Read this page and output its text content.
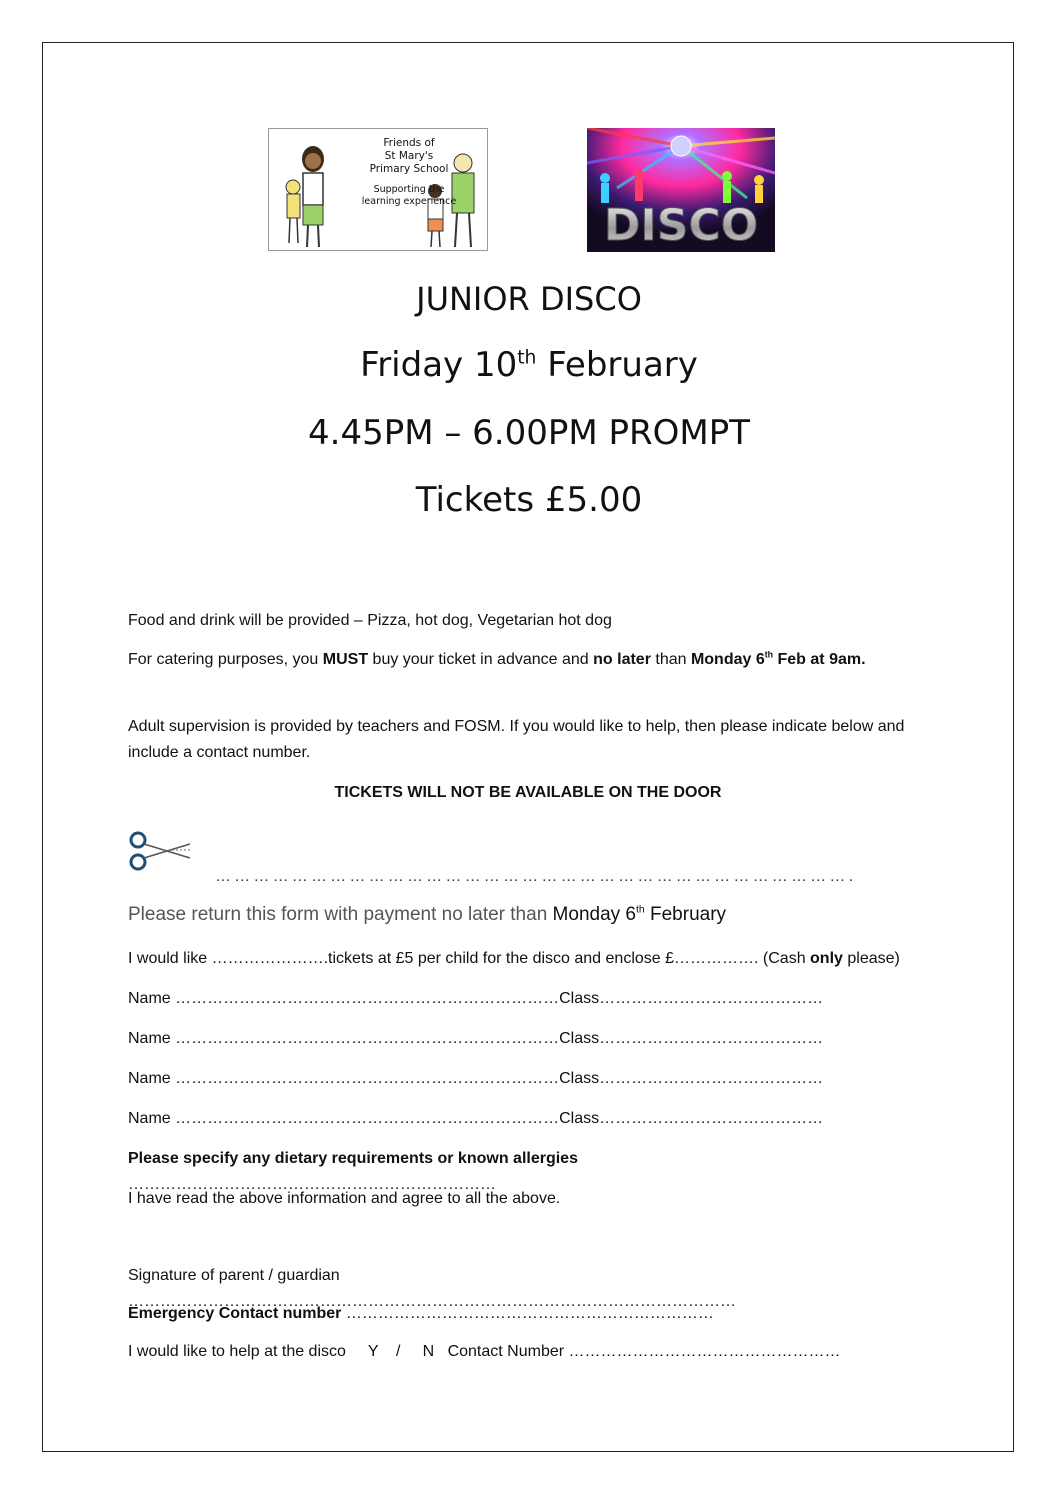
Friends of
St Mary's
Primary School
Supporting the
learning experience	DISCO
JUNIOR DISCO
Friday 10th February
4.45PM – 6.00PM PROMPT
Tickets £5.00
Food and drink will be provided – Pizza, hot dog, Vegetarian hot dog
For catering purposes, you MUST buy your ticket in advance and no later than Monday 6th Feb at 9am.
Adult supervision is provided by teachers and FOSM. If you would like to help, then please indicate below and include a contact number.
TICKETS WILL NOT BE AVAILABLE ON THE DOOR
……………………………………………………………………………………….
Please return this form with payment no later than Monday 6th February
I would like ………………….tickets at £5 per child for the disco and enclose £……………. (Cash only please)
Name ………………………………………………………………Class……………………………………
Name ………………………………………………………………Class……………………………………
Name ………………………………………………………………Class……………………………………
Name ………………………………………………………………Class……………………………………
Please specify any dietary requirements or known allergies ……………………………………………………………
I have read the above information and agree to all the above.
Signature of parent / guardian ……………………………………………………………………………………………………
Emergency Contact number ……………………………………………………………
I would like to help at the disco     Y    /     N   Contact Number ……………………………………………
